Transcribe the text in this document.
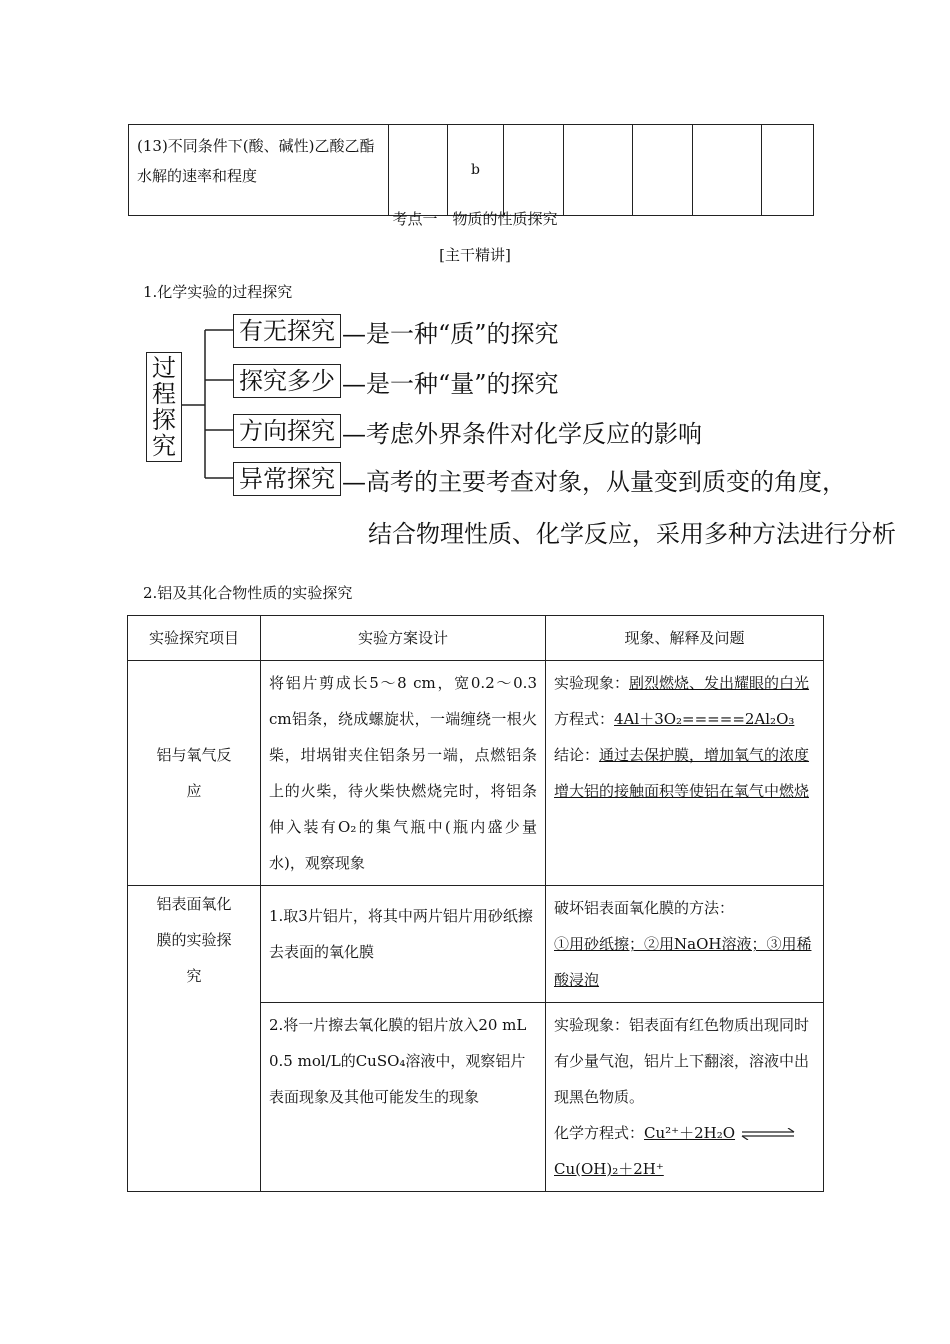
(13)不同条件下(酸、碱性)乙酸乙酯水解的速率和程度		b					
考点一　物质的性质探究
[主干精讲]
1.化学实验的过程探究
过程探究
有无探究 —是一种“质”的探究
探究多少 —是一种“量”的探究
方向探究 —考虑外界条件对化学反应的影响
异常探究 —高考的主要考查对象，从量变到质变的角度，
结合物理性质、化学反应，采用多种方法进行分析
2.铝及其化合物性质的实验探究
实验探究项目	实验方案设计	现象、解释及问题
铝与氧气反应	将铝片剪成长5～8 cm，宽0.2～0.3 cm铝条，绕成螺旋状，一端缠绕一根火柴，坩埚钳夹住铝条另一端，点燃铝条上的火柴，待火柴快燃烧完时，将铝条伸入装有O₂的集气瓶中(瓶内盛少量水)，观察现象	实验现象：剧烈燃烧、发出耀眼的白光
方程式：4Al＋3O₂=====2Al₂O₃
结论：通过去保护膜，增加氧气的浓度增大铝的接触面积等使铝在氧气中燃烧
铝表面氧化膜的实验探究	1.取3片铝片，将其中两片铝片用砂纸擦去表面的氧化膜	破坏铝表面氧化膜的方法：
①用砂纸擦；②用NaOH溶液；③用稀酸浸泡
	2.将一片擦去氧化膜的铝片放入20 mL　0.5 mol/L的CuSO₄溶液中，观察铝片表面现象及其他可能发生的现象	实验现象：铝表面有红色物质出现同时有少量气泡，铝片上下翻滚，溶液中出现黑色物质。
化学方程式：Cu²⁺＋2H₂O ⇌
Cu(OH)₂＋2H⁺
